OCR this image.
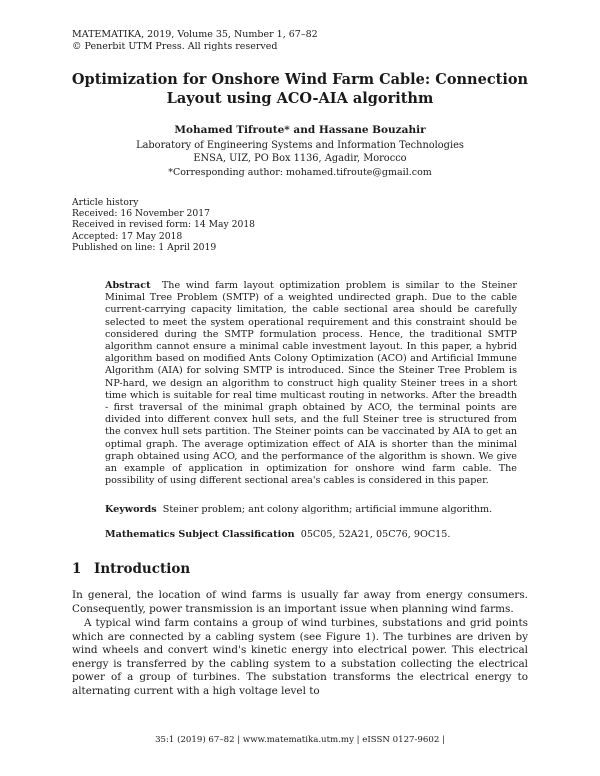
MATEMATIKA, 2019, Volume 35, Number 1, 67–82
© Penerbit UTM Press. All rights reserved
Optimization for Onshore Wind Farm Cable: Connection Layout using ACO-AIA algorithm
Mohamed Tifroute* and Hassane Bouzahir
Laboratory of Engineering Systems and Information Technologies
ENSA, UIZ, PO Box 1136, Agadir, Morocco
*Corresponding author: mohamed.tifroute@gmail.com
Article history
Received: 16 November 2017
Received in revised form: 14 May 2018
Accepted: 17 May 2018
Published on line: 1 April 2019
Abstract The wind farm layout optimization problem is similar to the Steiner Minimal Tree Problem (SMTP) of a weighted undirected graph. Due to the cable current-carrying capacity limitation, the cable sectional area should be carefully selected to meet the system operational requirement and this constraint should be considered during the SMTP formulation process. Hence, the traditional SMTP algorithm cannot ensure a minimal cable investment layout. In this paper, a hybrid algorithm based on modified Ants Colony Optimization (ACO) and Artificial Immune Algorithm (AIA) for solving SMTP is introduced. Since the Steiner Tree Problem is NP-hard, we design an algorithm to construct high quality Steiner trees in a short time which is suitable for real time multicast routing in networks. After the breadth - first traversal of the minimal graph obtained by ACO, the terminal points are divided into different convex hull sets, and the full Steiner tree is structured from the convex hull sets partition. The Steiner points can be vaccinated by AIA to get an optimal graph. The average optimization effect of AIA is shorter than the minimal graph obtained using ACO, and the performance of the algorithm is shown. We give an example of application in optimization for onshore wind farm cable. The possibility of using different sectional area's cables is considered in this paper.
Keywords Steiner problem; ant colony algorithm; artificial immune algorithm.
Mathematics Subject Classification 05C05, 52A21, 05C76, 9OC15.
1 Introduction
In general, the location of wind farms is usually far away from energy consumers. Consequently, power transmission is an important issue when planning wind farms.
A typical wind farm contains a group of wind turbines, substations and grid points which are connected by a cabling system (see Figure 1). The turbines are driven by wind wheels and convert wind's kinetic energy into electrical power. This electrical energy is transferred by the cabling system to a substation collecting the electrical power of a group of turbines. The substation transforms the electrical energy to alternating current with a high voltage level to
35:1 (2019) 67–82 | www.matematika.utm.my | eISSN 0127-9602 |
